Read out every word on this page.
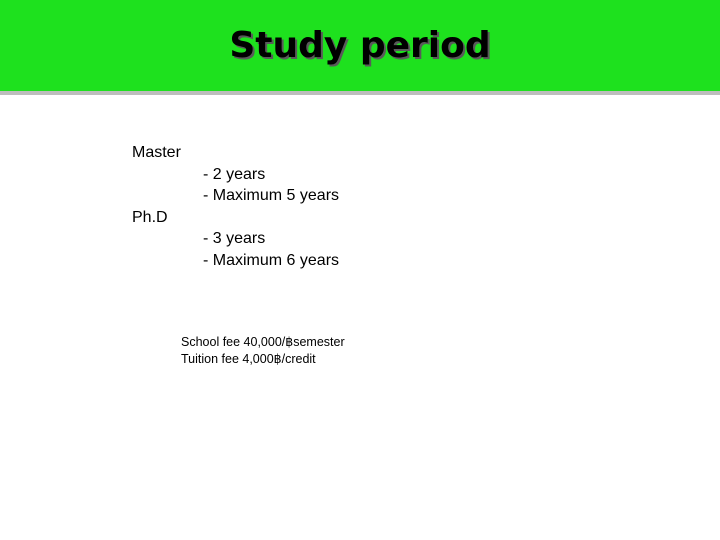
Study period
Master
- 2 years
- Maximum 5 years
Ph.D
- 3 years
- Maximum 6 years
School fee 40,000/฿semester
Tuition fee 4,000฿/credit
